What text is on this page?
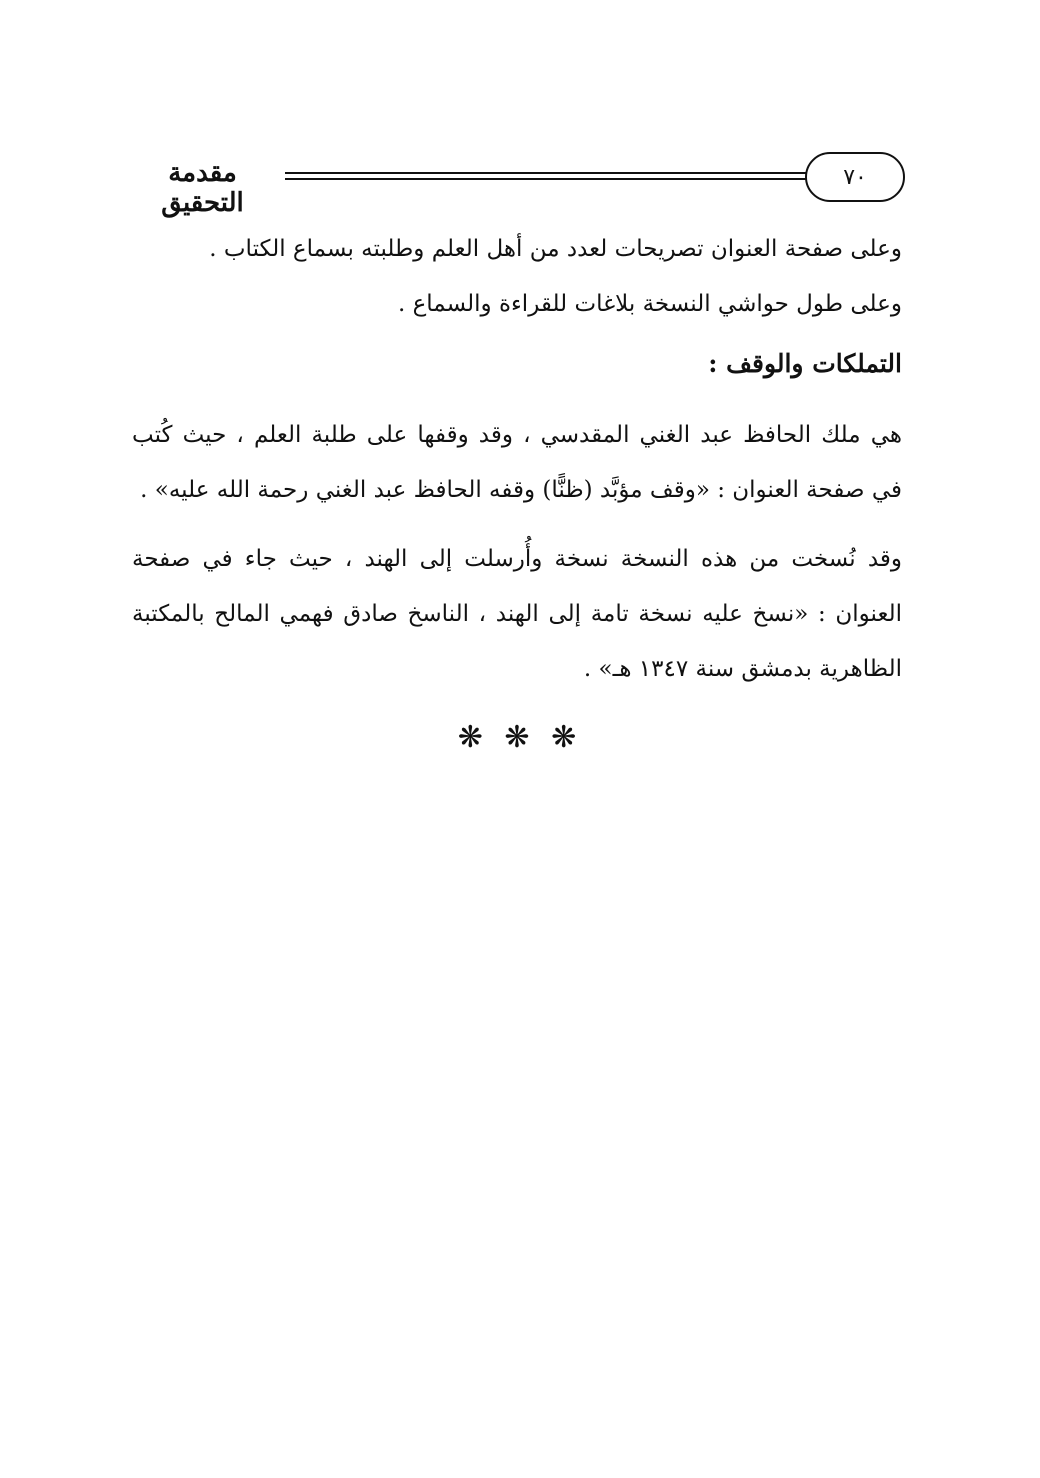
مقدمة التحقيق
٧٠
وعلى صفحة العنوان تصريحات لعدد من أهل العلم وطلبته بسماع الكتاب .
وعلى طول حواشي النسخة بلاغات للقراءة والسماع .
التملكات والوقف :
هي ملك الحافظ عبد الغني المقدسي ، وقد وقفها على طلبة العلم ، حيث كُتب
في صفحة العنوان : «وقف مؤبَّد (ظنًّا) وقفه الحافظ عبد الغني رحمة الله عليه» .
وقد نُسخت من هذه النسخة نسخة وأُرسلت إلى الهند ، حيث جاء في صفحة
العنوان : «نسخ عليه نسخة تامة إلى الهند ، الناسخ صادق فهمي المالح بالمكتبة
الظاهرية بدمشق سنة ١٣٤٧ هـ» .
❋ ❋ ❋
